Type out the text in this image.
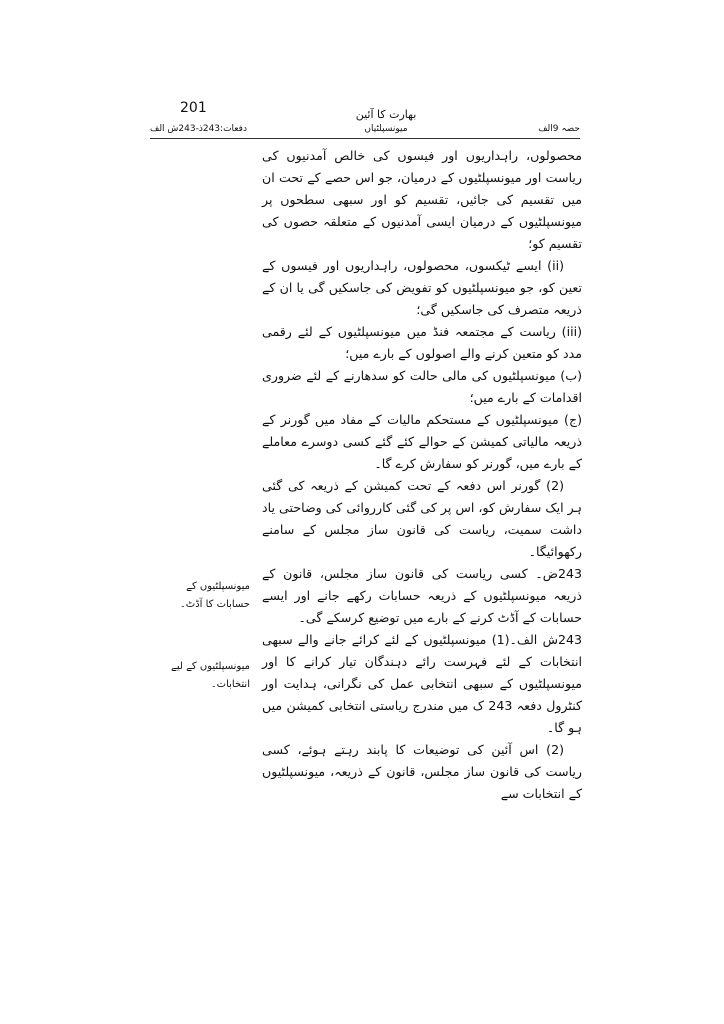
201	بھارت کا آئین
میونسپلٹیاں
دفعات:243ذ-243ش الف	حصہ 9الف

محصولوں، راہداریوں اور فیسوں کی خالص آمدنیوں کی ریاست اور میونسپلٹیوں کے درمیان، جو اس حصے کے تحت ان میں تقسیم کی جائیں، تقسیم کو اور سبھی سطحوں پر میونسپلٹیوں کے درمیان ایسی آمدنیوں کے متعلقہ حصوں کی تقسیم کو؛

(ii) ایسے ٹیکسوں، محصولوں، راہداریوں اور فیسوں کے تعین کو، جو میونسپلٹیوں کو تفویض کی جاسکیں گی یا ان کے ذریعہ متصرف کی جاسکیں گی؛

(iii) ریاست کے مجتمعہ فنڈ میں میونسپلٹیوں کے لئے رقمی مدد کو متعین کرنے والے اصولوں کے بارے میں؛

(ب) میونسپلٹیوں کی مالی حالت کو سدھارنے کے لئے ضروری اقدامات کے بارے میں؛

(ج) میونسپلٹیوں کے مستحکم مالیات کے مفاد میں گورنر کے ذریعہ مالیاتی کمیشن کے حوالے کئے گئے کسی دوسرے معاملے کے بارے میں، گورنر کو سفارش کرے گا۔

(2) گورنر اس دفعہ کے تحت کمیشن کے ذریعہ کی گئی ہر ایک سفارش کو، اس پر کی گئی کارروائی کی وضاحتی یاد داشت سمیت، ریاست کی قانون ساز مجلس کے سامنے رکھوائیگا۔

243ض۔ کسی ریاست کی قانون ساز مجلس، قانون کے ذریعہ میونسپلٹیوں کے ذریعہ حسابات رکھے جانے اور ایسے حسابات کے آڈٹ کرنے کے بارے میں توضیع کرسکے گی۔

243ش الف۔(1) میونسپلٹیوں کے لئے کرائے جانے والے سبھی انتخابات کے لئے فہرست رائے دہندگان تیار کرانے کا اور میونسپلٹیوں کے سبھی انتخابی عمل کی نگرانی، ہدایت اور کنٹرول دفعہ 243 ک میں مندرج ریاستی انتخابی کمیشن میں ہو گا۔

(2) اس آئین کی توضیعات کا پابند رہتے ہوئے، کسی ریاست کی قانون ساز مجلس، قانون کے ذریعہ، میونسپلٹیوں کے انتخابات سے

میونسپلٹیوں کے حسابات کا آڈٹ۔
میونسپلٹیوں کے لیے انتخابات۔
